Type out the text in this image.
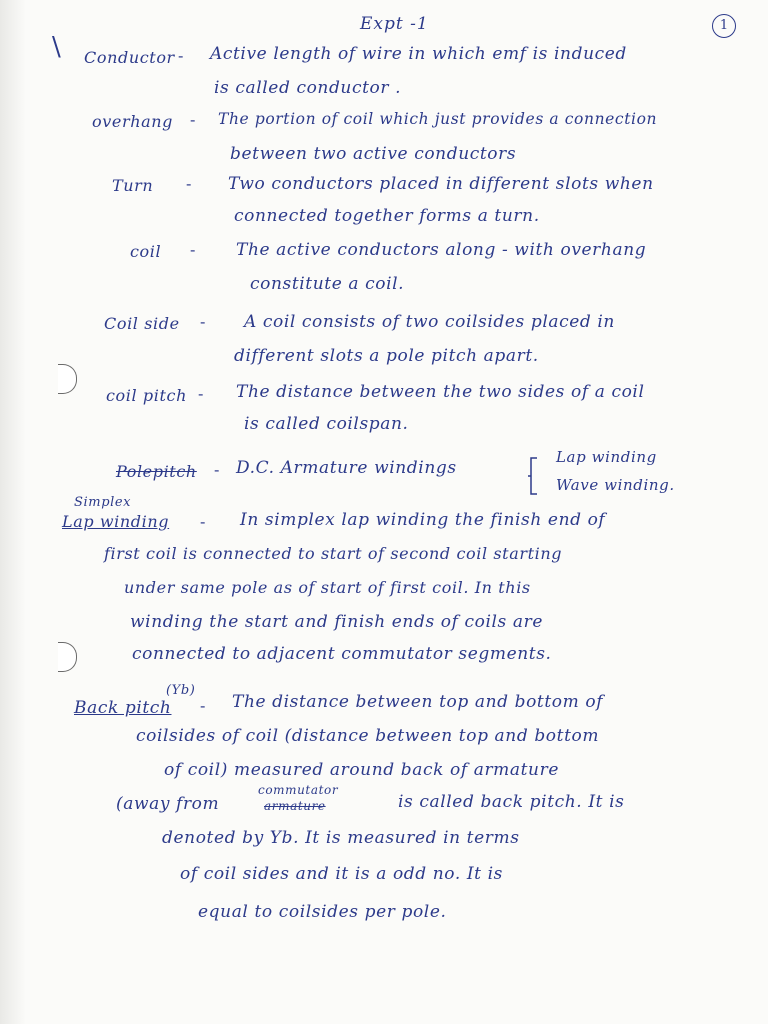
\
Expt -1	1
Conductor - Active length of wire in which emf is induced
is called conductor .
overhang - The portion of coil which just provides a connection
between two active conductors
Turn - Two conductors placed in different slots when
connected together forms a turn.
coil - The active conductors along - with overhang
constitute a coil.
Coil side - A coil consists of two coilsides placed in
different slots a pole pitch apart.
coil pitch - The distance between the two sides of a coil
is called coilspan.
Polepitch - D.C. Armature windings
Lap winding
Wave winding.
Simplex
Lap winding - In simplex lap winding the finish end of
first coil is connected to start of second coil starting
under same pole as of start of first coil. In this
winding the start and finish ends of coils are
connected to adjacent commutator segments.
(Yb)
Back pitch - The distance between top and bottom of
coilsides of coil (distance between top and bottom
of coil) measured around back of armature
(away from
commutator
armature	is called back pitch. It is
denoted by Yb. It is measured in terms
of coil sides and it is a odd no. It is
equal to coilsides per pole.
